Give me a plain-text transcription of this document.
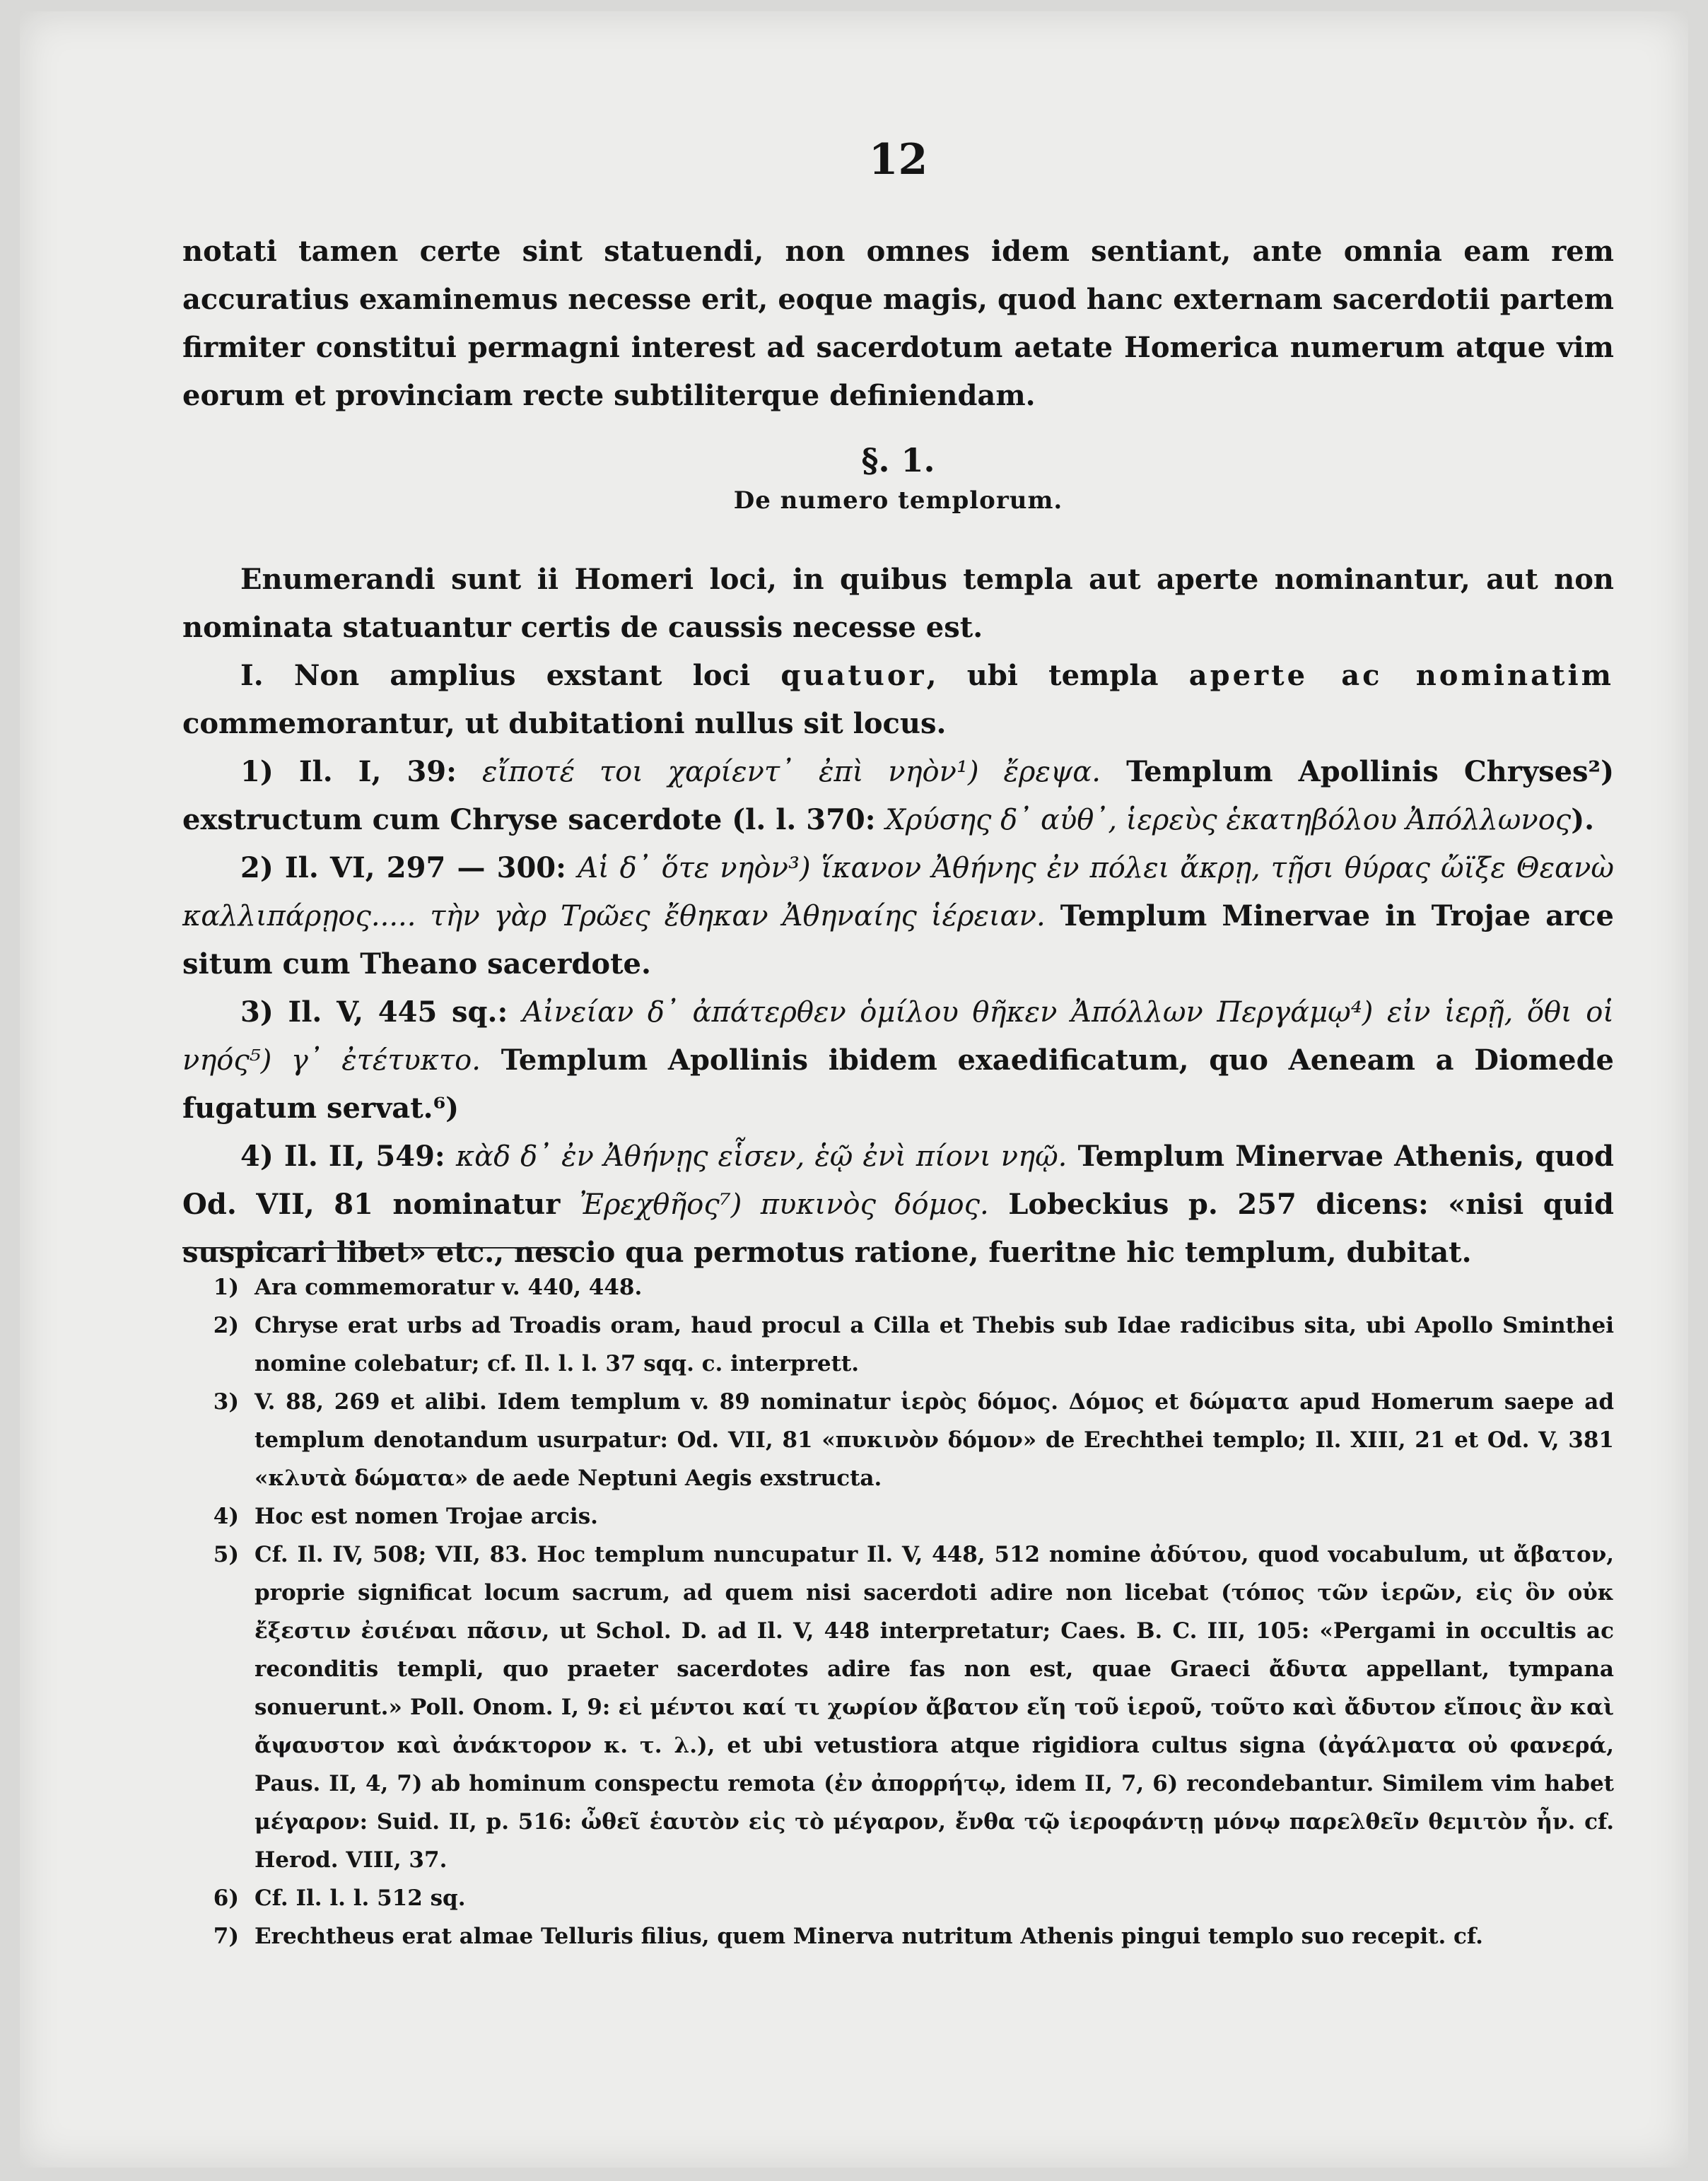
12

notati tamen certe sint statuendi, non omnes idem sentiant, ante omnia eam rem accuratius examinemus necesse erit, eoque magis, quod hanc externam sacerdotii partem firmiter constitui permagni interest ad sacerdotum aetate Homerica numerum atque vim eorum et provinciam recte subtiliterque definiendam.

§. 1.
De numero templorum.

Enumerandi sunt ii Homeri loci, in quibus templa aut aperte nominantur, aut non nominata statuantur certis de caussis necesse est.

I. Non amplius exstant loci quatuor, ubi templa aperte ac nominatim commemorantur, ut dubitationi nullus sit locus.

1) Il. I, 39: εἴποτέ τοι χαρίεντ᾽ ἐπὶ νηὸν¹) ἔρεψα. Templum Apollinis Chryses²) exstructum cum Chryse sacerdote (l. l. 370: Χρύσης δ᾽ αὐθ᾽, ἱερεὺς ἑκατηβόλου Ἀπόλλωνος).

2) Il. VI, 297 — 300: Αἱ δ᾽ ὅτε νηὸν³) ἵκανον Ἀθήνης ἐν πόλει ἄκρῃ, τῇσι θύρας ὤϊξε Θεανὼ καλλιπάρῃος..... τὴν γὰρ Τρῶες ἔθηκαν Ἀθηναίης ἱέρειαν. Templum Minervae in Trojae arce situm cum Theano sacerdote.

3) Il. V, 445 sq.: Αἰνείαν δ᾽ ἀπάτερθεν ὁμίλου θῆκεν Ἀπόλλων Περγάμῳ⁴) εἰν ἱερῇ, ὅθι οἱ νηός⁵) γ᾽ ἐτέτυκτο. Templum Apollinis ibidem exaedificatum, quo Aeneam a Diomede fugatum servat.⁶)

4) Il. II, 549: κὰδ δ᾽ ἐν Ἀθήνῃς εἷσεν, ἑῷ ἐνὶ πίονι νηῷ. Templum Minervae Athenis, quod Od. VII, 81 nominatur Ἐρεχθῆος⁷) πυκινὸς δόμος. Lobeckius p. 257 dicens: «nisi quid suspicari libet» etc., nescio qua permotus ratione, fueritne hic templum, dubitat.

1) Ara commemoratur v. 440, 448.
2) Chryse erat urbs ad Troadis oram, haud procul a Cilla et Thebis sub Idae radicibus sita, ubi Apollo Sminthei nomine colebatur; cf. Il. l. l. 37 sqq. c. interprett.
3) V. 88, 269 et alibi. Idem templum v. 89 nominatur ἱερὸς δόμος. Δόμος et δώματα apud Homerum saepe ad templum denotandum usurpatur: Od. VII, 81 «πυκινὸν δόμον» de Erechthei templo; Il. XIII, 21 et Od. V, 381 «κλυτὰ δώματα» de aede Neptuni Aegis exstructa.
4) Hoc est nomen Trojae arcis.
5) Cf. Il. IV, 508; VII, 83. Hoc templum nuncupatur Il. V, 448, 512 nomine ἀδύτου, quod vocabulum, ut ἄβατον, proprie significat locum sacrum, ad quem nisi sacerdoti adire non licebat (τόπος τῶν ἱερῶν, εἰς ὃν οὐκ ἔξεστιν ἐσιέναι πᾶσιν, ut Schol. D. ad Il. V, 448 interpretatur; Caes. B. C. III, 105: «Pergami in occultis ac reconditis templi, quo praeter sacerdotes adire fas non est, quae Graeci ἄδυτα appellant, tympana sonuerunt.» Poll. Onom. I, 9: εἰ μέντοι καί τι χωρίον ἄβατον εἴη τοῦ ἱεροῦ, τοῦτο καὶ ἄδυτον εἴποις ἂν καὶ ἄψαυστον καὶ ἀνάκτορον κ. τ. λ.), et ubi vetustiora atque rigidiora cultus signa (ἀγάλματα οὐ φανερά, Paus. II, 4, 7) ab hominum conspectu remota (ἐν ἀπορρήτῳ, idem II, 7, 6) recondebantur. Similem vim habet μέγαρον: Suid. II, p. 516: ὦθεῖ ἑαυτὸν εἰς τὸ μέγαρον, ἔνθα τῷ ἱεροφάντῃ μόνῳ παρελθεῖν θεμιτὸν ἦν. cf. Herod. VIII, 37.
6) Cf. Il. l. l. 512 sq.
7) Erechtheus erat almae Telluris filius, quem Minerva nutritum Athenis pingui templo suo recepit. cf.
